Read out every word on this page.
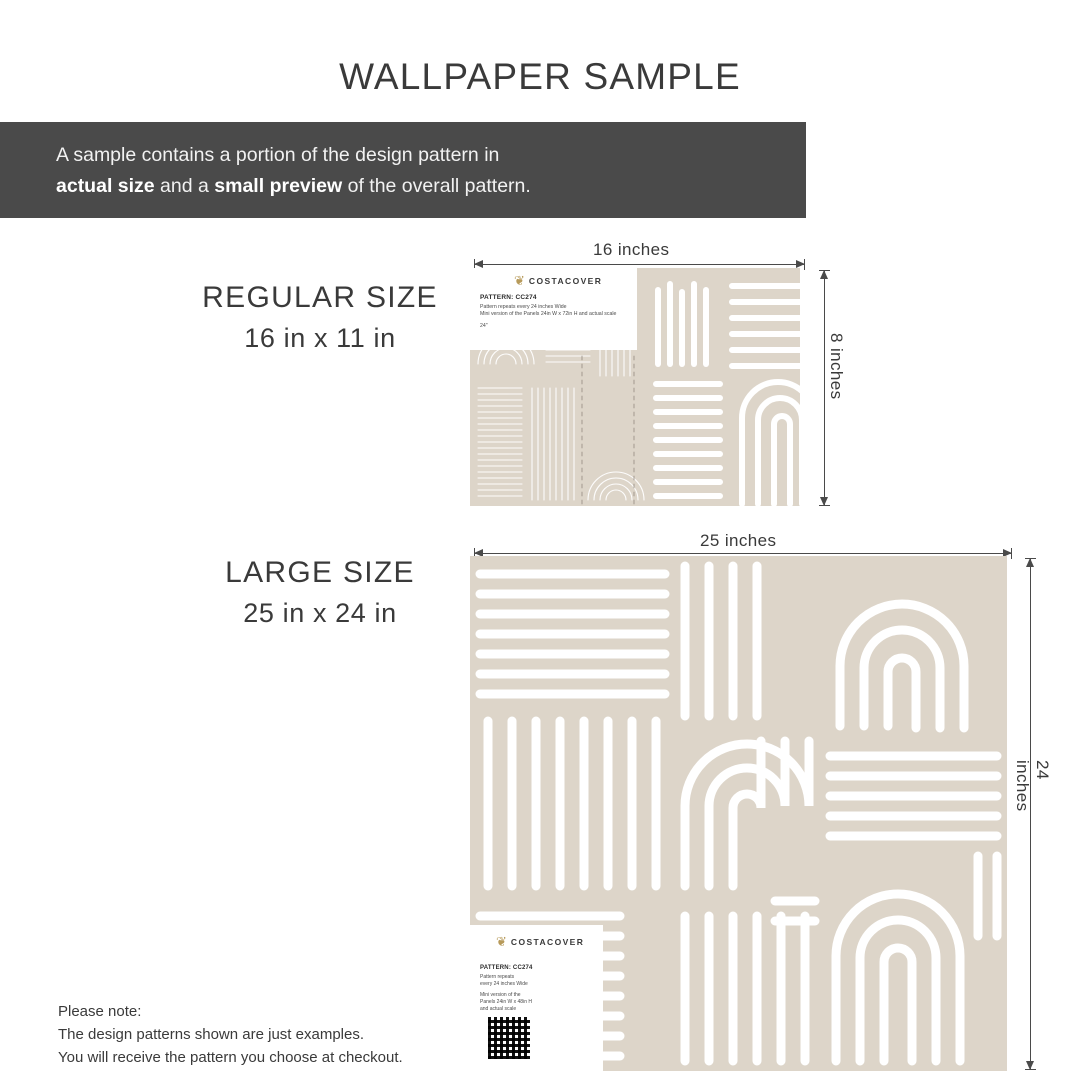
WALLPAPER SAMPLE
A sample contains a portion of the design pattern in
actual size and a small preview of the overall pattern.
REGULAR SIZE
16 in x 11 in
16 inches
8 inches
❦ COSTACOVER
PATTERN: CC274
Pattern repeats every 24 inches Wide
Mini version of the Panels 24in W x 72in H and actual scale
24"
LARGE SIZE
25 in x 24 in
25 inches
24 inches
❦ COSTACOVER
PATTERN: CC274
Pattern repeats
every 24 inches Wide
Mini version of the
Panels 24in W x 48in H
and actual scale
Please note:
The design patterns shown are just examples.
You will receive the pattern you choose at checkout.
